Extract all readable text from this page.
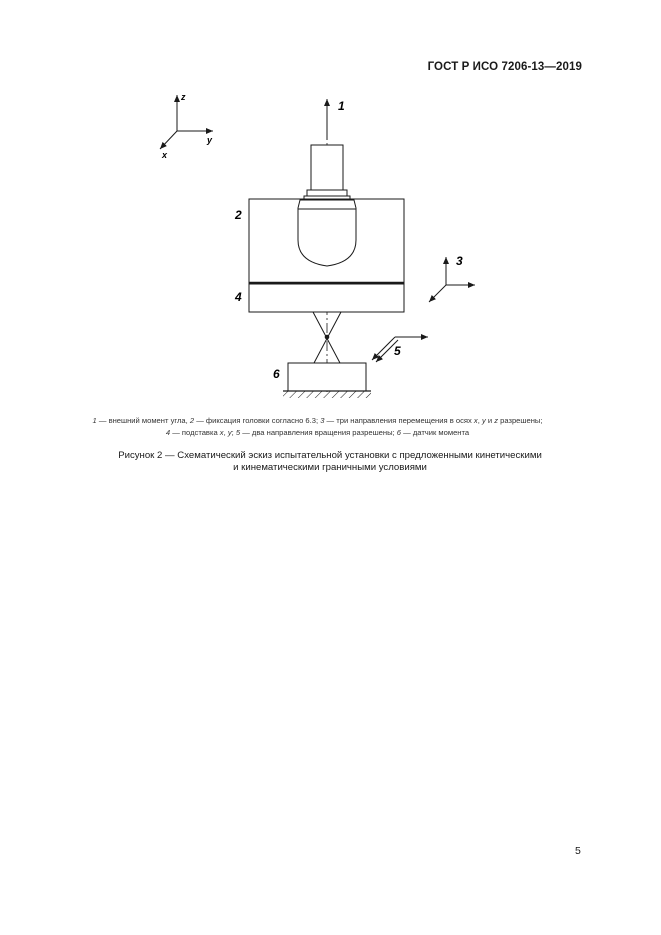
ГОСТ Р ИСО 7206-13—2019
z
y
x
1
2
4
3
5
6
1 — внешний момент угла, 2 — фиксация головки согласно 6.3; 3 — три направления перемещения в осях x, y и z разрешены;
4 — подставка x, y; 5 — два направления вращения разрешены; 6 — датчик момента
Рисунок 2 — Схематический эскиз испытательной установки с предложенными кинетическими
и кинематическими граничными условиями
5
